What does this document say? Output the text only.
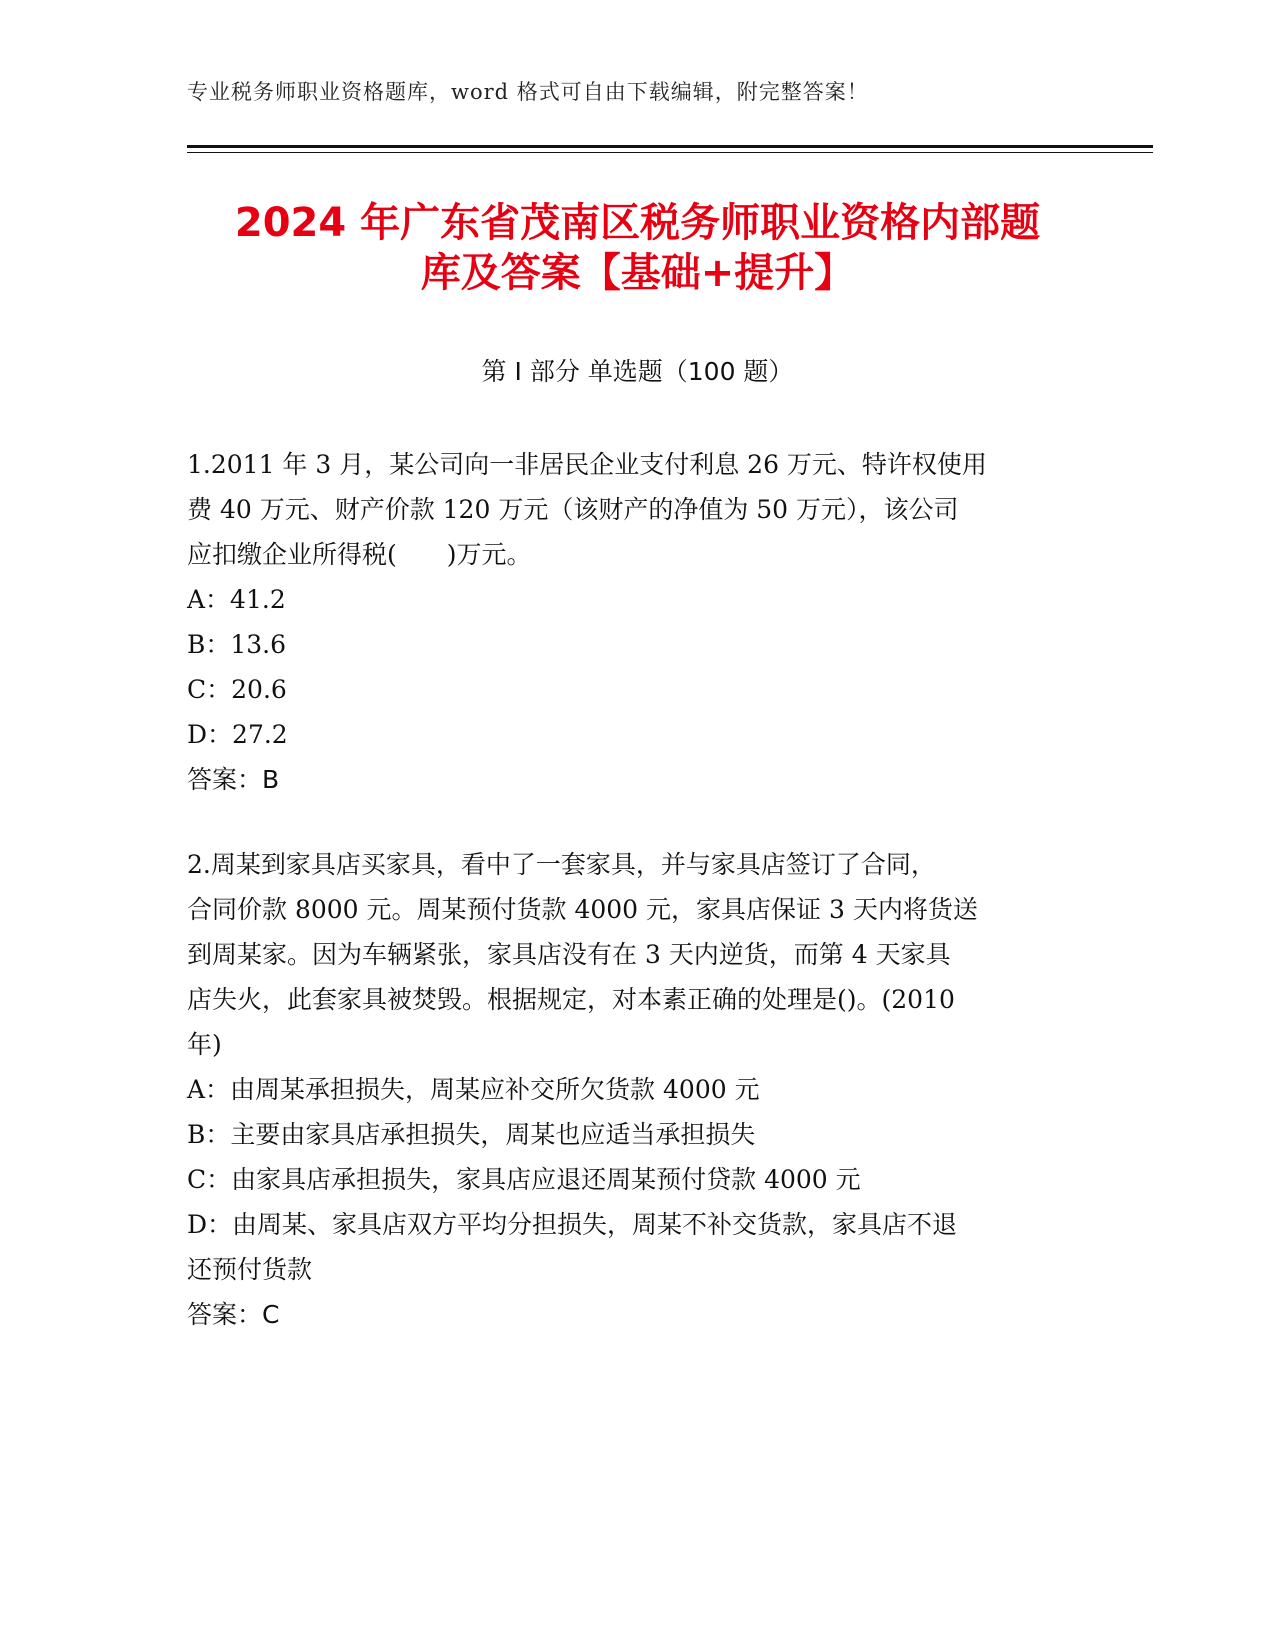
专业税务师职业资格题库，word 格式可自由下载编辑，附完整答案！
2024 年广东省茂南区税务师职业资格内部题
库及答案【基础+提升】
第 I 部分 单选题（100 题）
1.2011 年 3 月，某公司向一非居民企业支付利息 26 万元、特许权使用
费 40 万元、财产价款 120 万元（该财产的净值为 50 万元），该公司
应扣缴企业所得税(　　)万元。
A：41.2
B：13.6
C：20.6
D：27.2
答案：B
2.周某到家具店买家具，看中了一套家具，并与家具店签订了合同，
合同价款 8000 元。周某预付货款 4000 元，家具店保证 3 天内将货送
到周某家。因为车辆紧张，家具店没有在 3 天内逆货，而第 4 天家具
店失火，此套家具被焚毁。根据规定，对本素正确的处理是()。(2010
年)
A：由周某承担损失，周某应补交所欠货款 4000 元
B：主要由家具店承担损失，周某也应适当承担损失
C：由家具店承担损失，家具店应退还周某预付贷款 4000 元
D：由周某、家具店双方平均分担损失，周某不补交货款，家具店不退
还预付货款
答案：C
